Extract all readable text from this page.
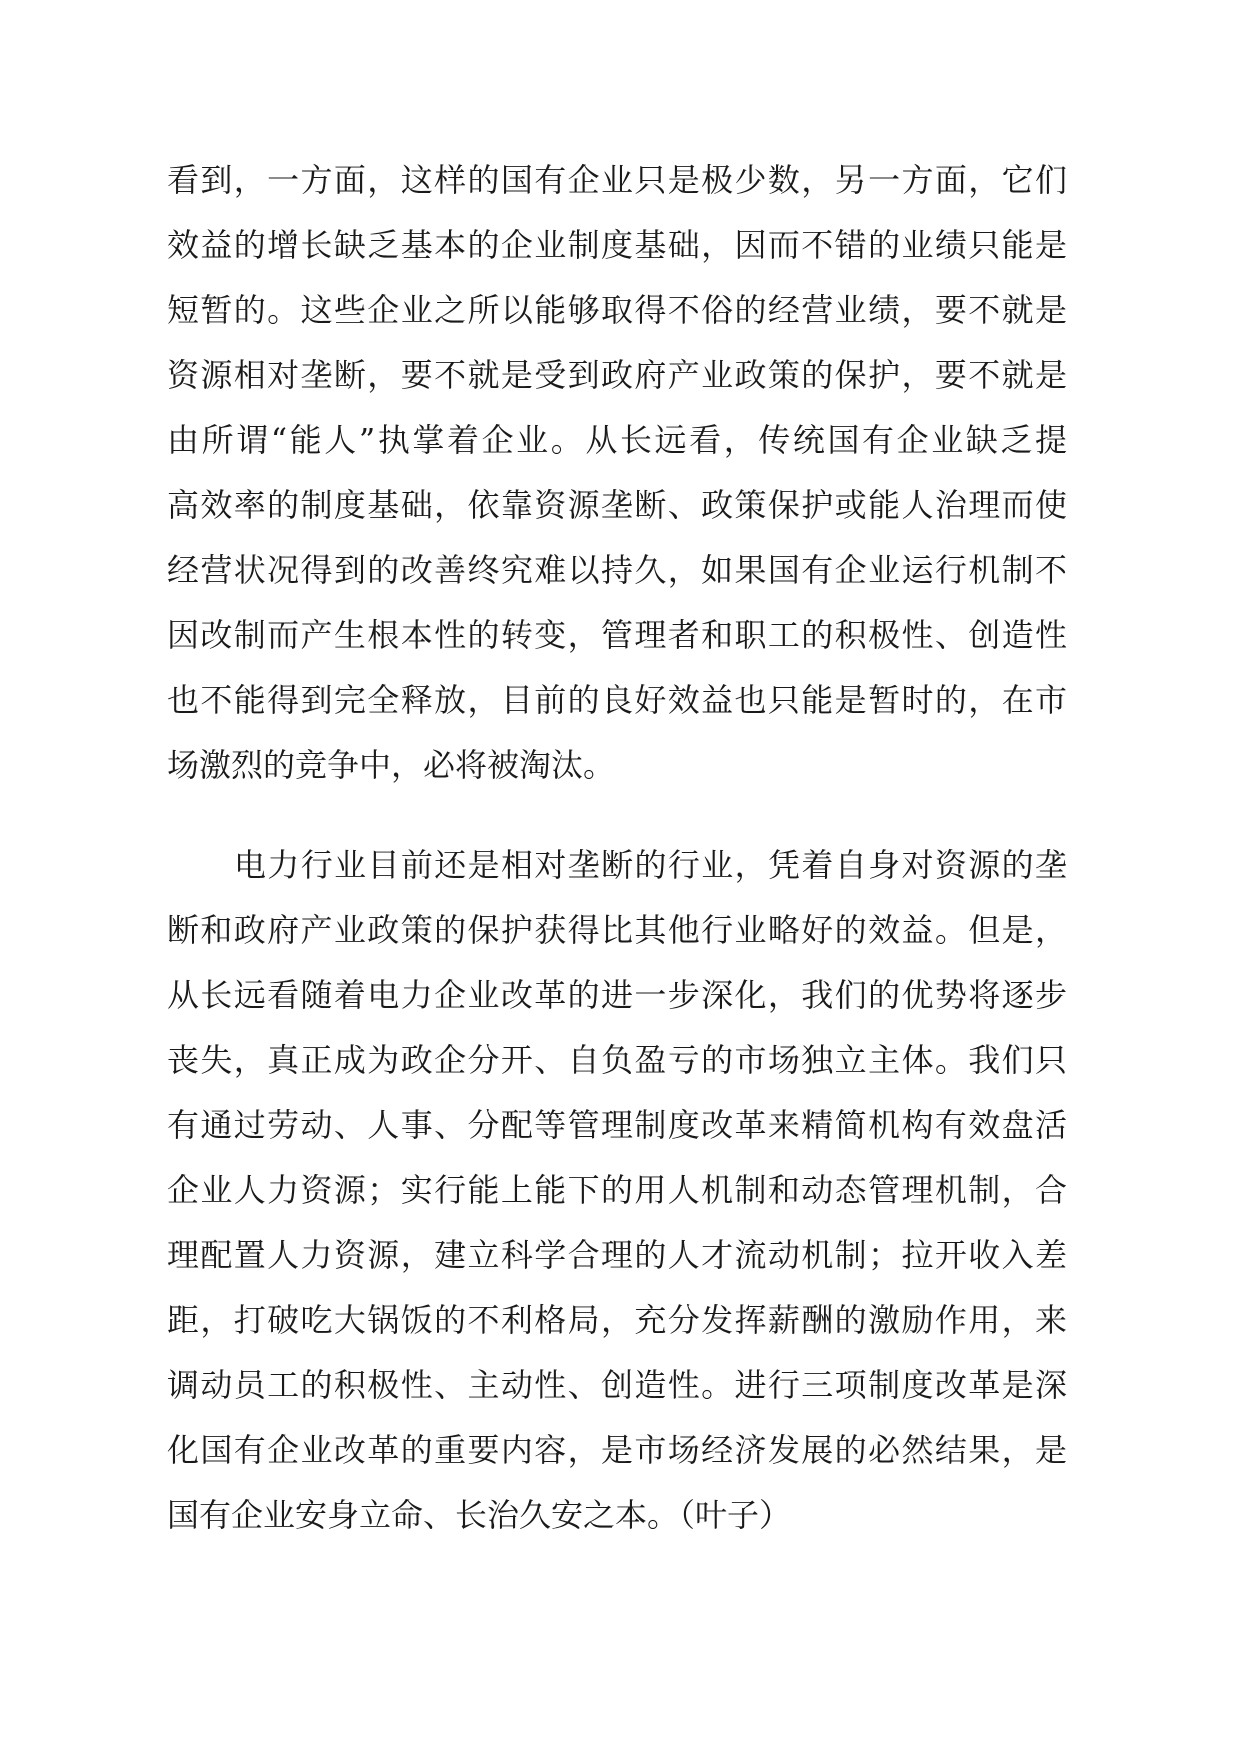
看到，一方面，这样的国有企业只是极少数，另一方面，它们
效益的增长缺乏基本的企业制度基础，因而不错的业绩只能是
短暂的。这些企业之所以能够取得不俗的经营业绩，要不就是
资源相对垄断，要不就是受到政府产业政策的保护，要不就是
由所谓“能人”执掌着企业。从长远看，传统国有企业缺乏提
高效率的制度基础，依靠资源垄断、政策保护或能人治理而使
经营状况得到的改善终究难以持久，如果国有企业运行机制不
因改制而产生根本性的转变，管理者和职工的积极性、创造性
也不能得到完全释放，目前的良好效益也只能是暂时的，在市
场激烈的竞争中，必将被淘汰。
电力行业目前还是相对垄断的行业，凭着自身对资源的垄
断和政府产业政策的保护获得比其他行业略好的效益。但是，
从长远看随着电力企业改革的进一步深化，我们的优势将逐步
丧失，真正成为政企分开、自负盈亏的市场独立主体。我们只
有通过劳动、人事、分配等管理制度改革来精简机构有效盘活
企业人力资源；实行能上能下的用人机制和动态管理机制，合
理配置人力资源，建立科学合理的人才流动机制；拉开收入差
距，打破吃大锅饭的不利格局，充分发挥薪酬的激励作用，来
调动员工的积极性、主动性、创造性。进行三项制度改革是深
化国有企业改革的重要内容，是市场经济发展的必然结果，是
国有企业安身立命、长治久安之本。（叶子）
